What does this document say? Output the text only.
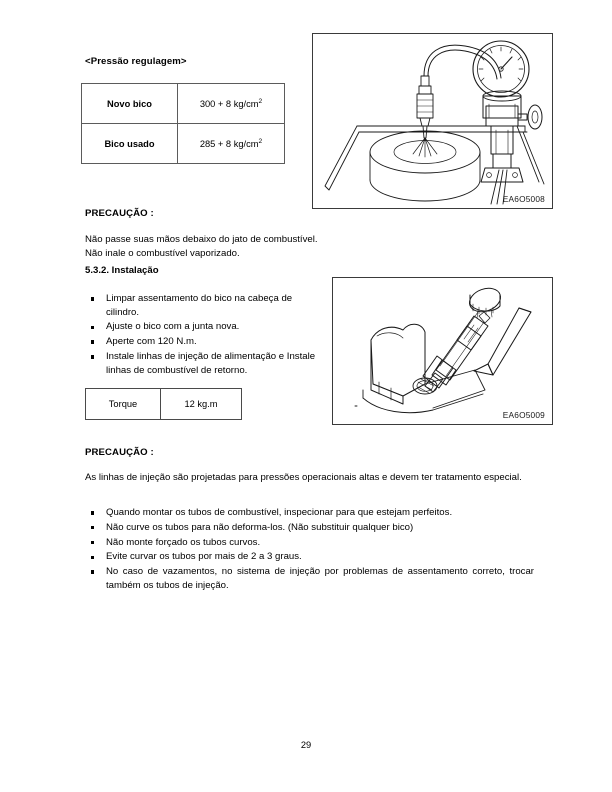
<Pressão regulagem>
Novo bico	300 + 8 $kg/cm^2$
Bico usado	285 + 8 $kg/cm^2$
EA6O5008
PRECAUÇÃO :
Não passe suas mãos debaixo do jato de combustível.
Não inale o combustível vaporizado.
5.3.2. Instalação
Limpar assentamento do bico na cabeça de cilindro.
Ajuste o bico com a junta nova.
Aperte com 120 N.m.
Instale linhas de injeção de alimentação e Instale linhas de combustível de retorno.
Torque	12 kg.m
EA6O5009
PRECAUÇÃO :
As linhas de injeção são projetadas para pressões operacionais altas e devem ter tratamento especial.
Quando montar os tubos de combustível, inspecionar para que estejam perfeitos.
Não curve os tubos para não deforma-los. (Não substituir qualquer bico)
Não monte forçado os tubos curvos.
Evite curvar os tubos por mais de 2 a 3 graus.
No caso de vazamentos, no sistema de injeção por problemas de assentamento correto, trocar também os tubos de injeção.
29
